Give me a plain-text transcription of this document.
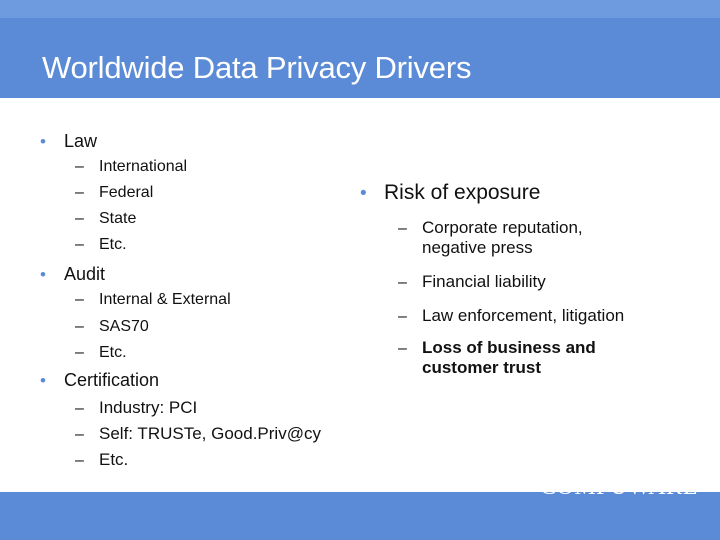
Worldwide Data Privacy Drivers
•	Law
– International
– Federal
– State
– Etc.
•	Audit
– Internal & External
– SAS70
– Etc.
•	Certification
– Industry: PCI
– Self: TRUSTe, Good.Priv@cy
– Etc.
• Risk of exposure
– Corporate reputation, negative press
– Financial liability
– Law enforcement, litigation
– Loss of business and customer trust
6	Copyright © 2007 Compuware Corporation. All rights reserved.	COMPUWARE®
